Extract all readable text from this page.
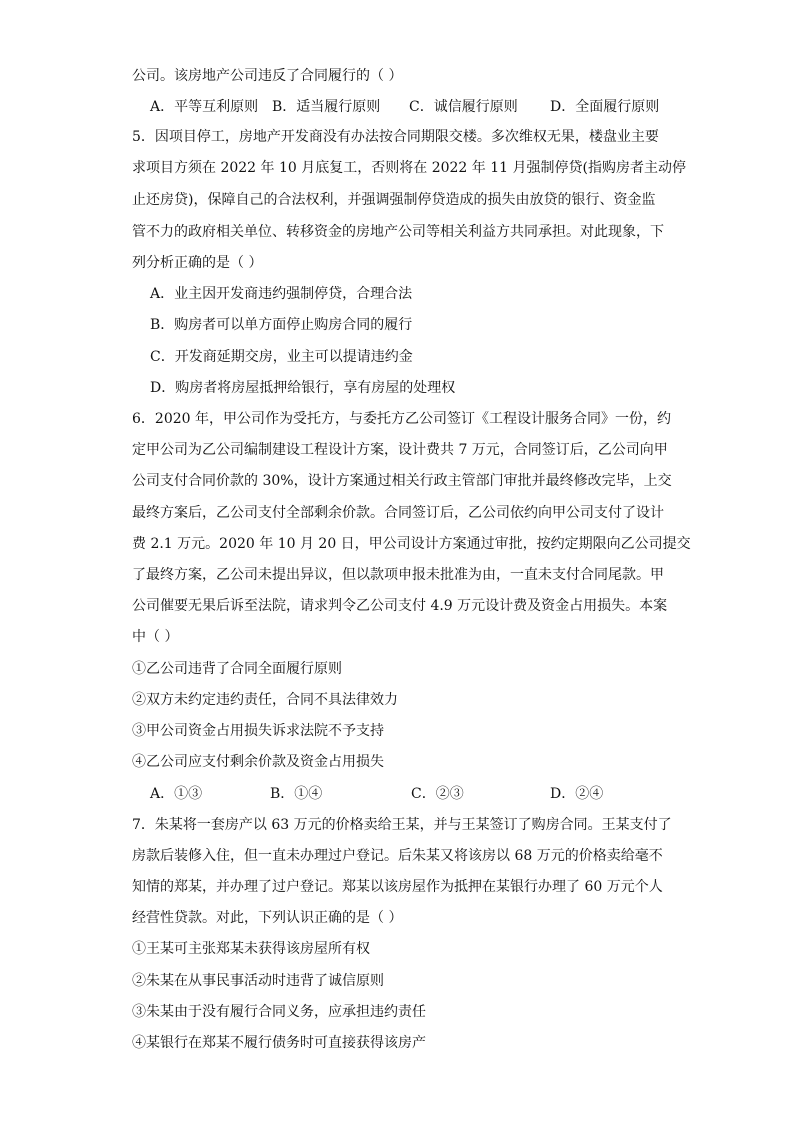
公司。该房地产公司违反了合同履行的（ ）
A．平等互利原则 B．适当履行原则 C．诚信履行原则 D．全面履行原则
5．因项目停工，房地产开发商没有办法按合同期限交楼。多次维权无果，楼盘业主要
求项目方须在 2022 年 10 月底复工，否则将在 2022 年 11 月强制停贷(指购房者主动停
止还房贷)，保障自己的合法权利，并强调强制停贷造成的损失由放贷的银行、资金监
管不力的政府相关单位、转移资金的房地产公司等相关利益方共同承担。对此现象，下
列分析正确的是（ ）
A．业主因开发商违约强制停贷，合理合法
B．购房者可以单方面停止购房合同的履行
C．开发商延期交房，业主可以提请违约金
D．购房者将房屋抵押给银行，享有房屋的处理权
6．2020 年，甲公司作为受托方，与委托方乙公司签订《工程设计服务合同》一份，约
定甲公司为乙公司编制建设工程设计方案，设计费共 7 万元，合同签订后，乙公司向甲
公司支付合同价款的 30%，设计方案通过相关行政主管部门审批并最终修改完毕，上交
最终方案后，乙公司支付全部剩余价款。合同签订后，乙公司依约向甲公司支付了设计
费 2.1 万元。2020 年 10 月 20 日，甲公司设计方案通过审批，按约定期限向乙公司提交
了最终方案，乙公司未提出异议，但以款项申报未批准为由，一直未支付合同尾款。甲
公司催要无果后诉至法院，请求判令乙公司支付 4.9 万元设计费及资金占用损失。本案
中（ ）
①乙公司违背了合同全面履行原则
②双方未约定违约责任，合同不具法律效力
③甲公司资金占用损失诉求法院不予支持
④乙公司应支付剩余价款及资金占用损失
A．①③	B．①④	C．②③	D．②④
7．朱某将一套房产以 63 万元的价格卖给王某，并与王某签订了购房合同。王某支付了
房款后装修入住，但一直未办理过户登记。后朱某又将该房以 68 万元的价格卖给毫不
知情的郑某，并办理了过户登记。郑某以该房屋作为抵押在某银行办理了 60 万元个人
经营性贷款。对此，下列认识正确的是（ ）
①王某可主张郑某未获得该房屋所有权
②朱某在从事民事活动时违背了诚信原则
③朱某由于没有履行合同义务，应承担违约责任
④某银行在郑某不履行债务时可直接获得该房产
